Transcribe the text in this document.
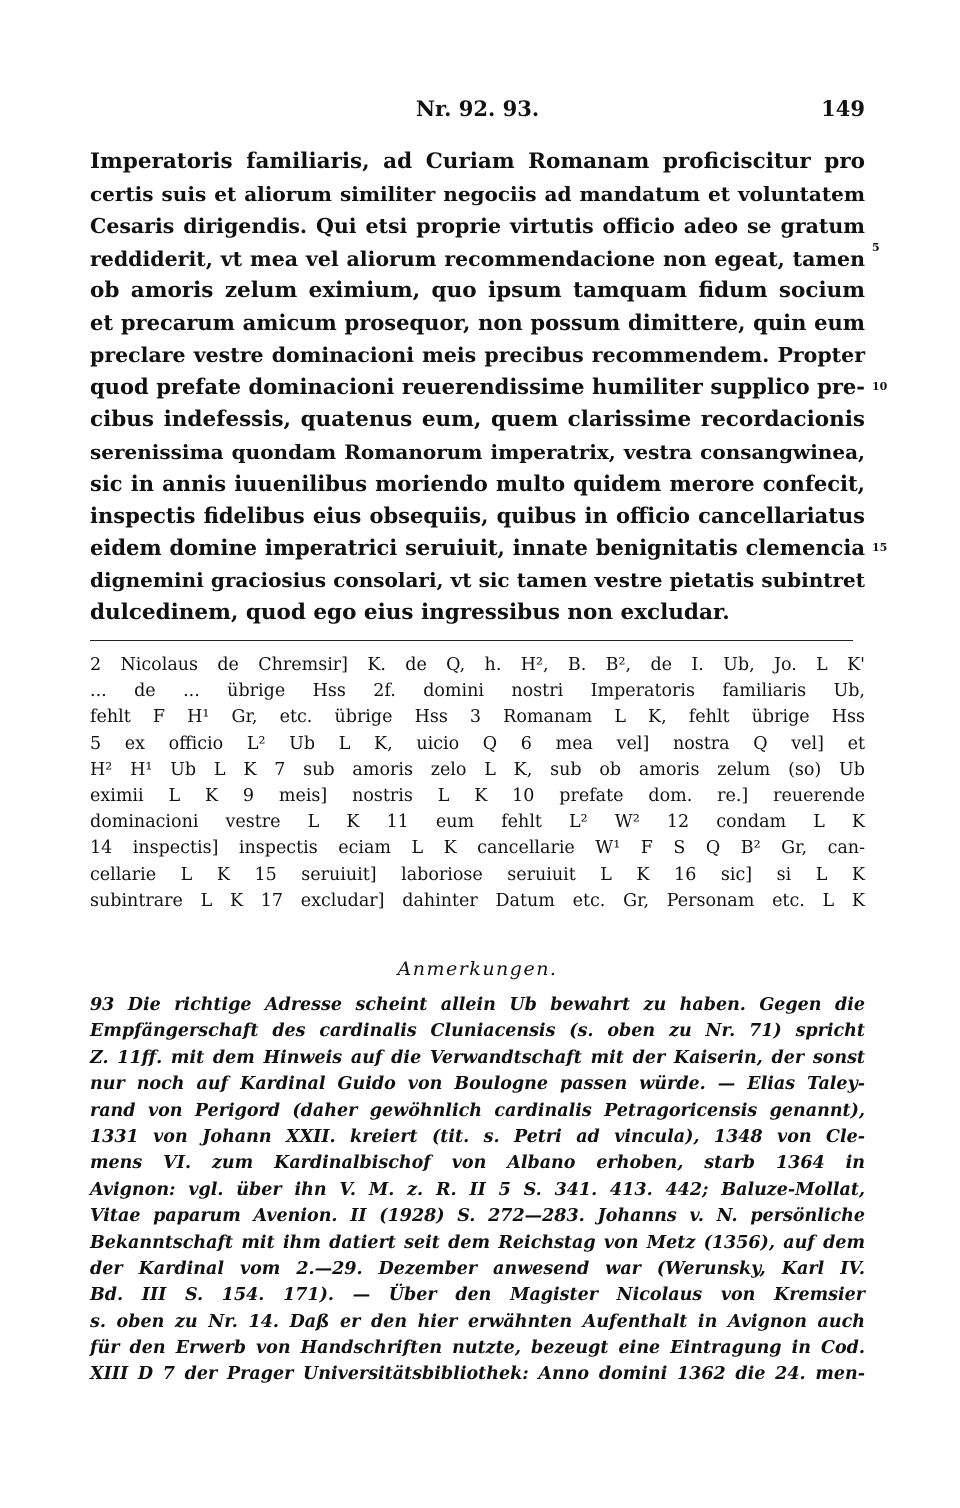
Nr. 92. 93.	149
Imperatoris familiaris, ad Curiam Romanam proficiscitur pro
certis suis et aliorum similiter negociis ad mandatum et voluntatem
Cesaris dirigendis. Qui etsi proprie virtutis officio adeo se gratum
reddiderit, vt mea vel aliorum recommendacione non egeat, tamen
ob amoris zelum eximium, quo ipsum tamquam fidum socium
et precarum amicum prosequor, non possum dimittere, quin eum
preclare vestre dominacioni meis precibus recommendem. Propter
quod prefate dominacioni reuerendissime humiliter supplico pre-
cibus indefessis, quatenus eum, quem clarissime recordacionis
serenissima quondam Romanorum imperatrix, vestra consangwinea,
sic in annis iuuenilibus moriendo multo quidem merore confecit,
inspectis fidelibus eius obsequiis, quibus in officio cancellariatus
eidem domine imperatrici seruiuit, innate benignitatis clemencia
dignemini graciosius consolari, vt sic tamen vestre pietatis subintret
dulcedinem, quod ego eius ingressibus non excludar.
5
10
15
2 Nicolaus de Chremsir] K. de Q, h. H², B. B², de I. Ub, Jo. L K'
... de ... übrige Hss 2f. domini nostri Imperatoris familiaris Ub,
fehlt F H¹ Gr, etc. übrige Hss 3 Romanam L K, fehlt übrige Hss
5 ex officio L² Ub L K, uicio Q 6 mea vel] nostra Q vel] et
H² H¹ Ub L K 7 sub amoris zelo L K, sub ob amoris zelum (so) Ub
eximii L K 9 meis] nostris L K 10 prefate dom. re.] reuerende
dominacioni vestre L K 11 eum fehlt L² W² 12 condam L K
14 inspectis] inspectis eciam L K cancellarie W¹ F S Q B² Gr, can-
cellarie L K 15 seruiuit] laboriose seruiuit L K 16 sic] si L K
subintrare L K 17 excludar] dahinter Datum etc. Gr, Personam etc. L K
Anmerkungen.
93 Die richtige Adresse scheint allein Ub bewahrt zu haben. Gegen die
Empfängerschaft des cardinalis Cluniacensis (s. oben zu Nr. 71) spricht
Z. 11ff. mit dem Hinweis auf die Verwandtschaft mit der Kaiserin, der sonst
nur noch auf Kardinal Guido von Boulogne passen würde. — Elias Taley-
rand von Perigord (daher gewöhnlich cardinalis Petragoricensis genannt),
1331 von Johann XXII. kreiert (tit. s. Petri ad vincula), 1348 von Cle-
mens VI. zum Kardinalbischof von Albano erhoben, starb 1364 in
Avignon: vgl. über ihn V. M. z. R. II 5 S. 341. 413. 442; Baluze-Mollat,
Vitae paparum Avenion. II (1928) S. 272—283. Johanns v. N. persönliche
Bekanntschaft mit ihm datiert seit dem Reichstag von Metz (1356), auf dem
der Kardinal vom 2.—29. Dezember anwesend war (Werunsky, Karl IV.
Bd. III S. 154. 171). — Über den Magister Nicolaus von Kremsier
s. oben zu Nr. 14. Daß er den hier erwähnten Aufenthalt in Avignon auch
für den Erwerb von Handschriften nutzte, bezeugt eine Eintragung in Cod.
XIII D 7 der Prager Universitätsbibliothek: Anno domini 1362 die 24. men-
